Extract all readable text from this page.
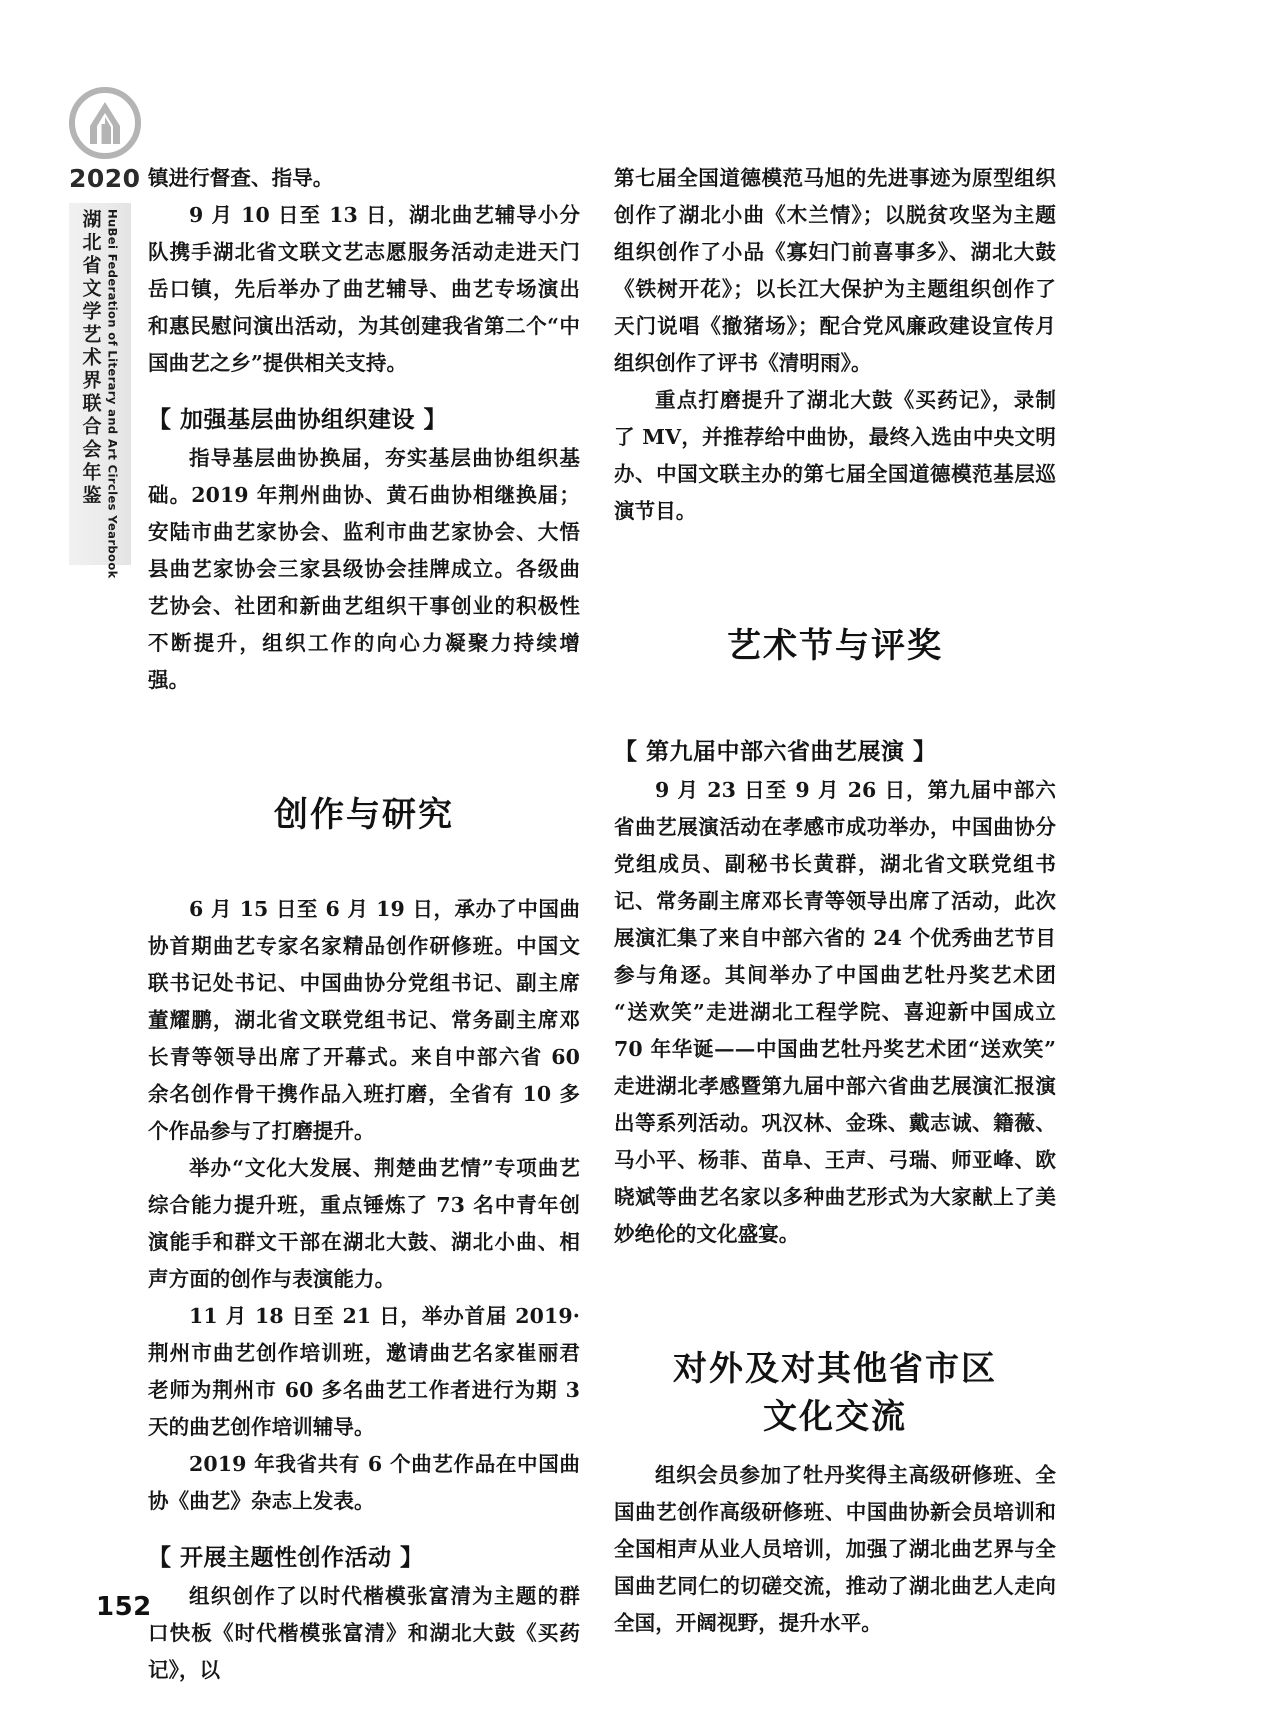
2020
湖北省文学艺术界联合会年鉴 HuBei Federation of Literary and Art Circles Yearbook

镇进行督查、指导。

9 月 10 日至 13 日，湖北曲艺辅导小分队携手湖北省文联文艺志愿服务活动走进天门岳口镇，先后举办了曲艺辅导、曲艺专场演出和惠民慰问演出活动，为其创建我省第二个“中国曲艺之乡”提供相关支持。

【 加强基层曲协组织建设 】

指导基层曲协换届，夯实基层曲协组织基础。2019 年荆州曲协、黄石曲协相继换届；安陆市曲艺家协会、监利市曲艺家协会、大悟县曲艺家协会三家县级协会挂牌成立。各级曲艺协会、社团和新曲艺组织干事创业的积极性不断提升，组织工作的向心力凝聚力持续增强。

创作与研究

6 月 15 日至 6 月 19 日，承办了中国曲协首期曲艺专家名家精品创作研修班。中国文联书记处书记、中国曲协分党组书记、副主席董耀鹏，湖北省文联党组书记、常务副主席邓长青等领导出席了开幕式。来自中部六省 60 余名创作骨干携作品入班打磨，全省有 10 多个作品参与了打磨提升。

举办“文化大发展、荆楚曲艺情”专项曲艺综合能力提升班，重点锤炼了 73 名中青年创演能手和群文干部在湖北大鼓、湖北小曲、相声方面的创作与表演能力。

11 月 18 日至 21 日，举办首届 2019·荆州市曲艺创作培训班，邀请曲艺名家崔丽君老师为荆州市 60 多名曲艺工作者进行为期 3 天的曲艺创作培训辅导。

2019 年我省共有 6 个曲艺作品在中国曲协《曲艺》杂志上发表。

【 开展主题性创作活动 】

组织创作了以时代楷模张富清为主题的群口快板《时代楷模张富清》和湖北大鼓《买药记》，以

第七届全国道德模范马旭的先进事迹为原型组织创作了湖北小曲《木兰情》；以脱贫攻坚为主题组织创作了小品《寡妇门前喜事多》、湖北大鼓《铁树开花》；以长江大保护为主题组织创作了天门说唱《撤猪场》；配合党风廉政建设宣传月组织创作了评书《清明雨》。

重点打磨提升了湖北大鼓《买药记》，录制了 MV，并推荐给中曲协，最终入选由中央文明办、中国文联主办的第七届全国道德模范基层巡演节目。

艺术节与评奖
【 第九届中部六省曲艺展演 】

9 月 23 日至 9 月 26 日，第九届中部六省曲艺展演活动在孝感市成功举办，中国曲协分党组成员、副秘书长黄群，湖北省文联党组书记、常务副主席邓长青等领导出席了活动，此次展演汇集了来自中部六省的 24 个优秀曲艺节目参与角逐。其间举办了中国曲艺牡丹奖艺术团“送欢笑”走进湖北工程学院、喜迎新中国成立 70 年华诞——中国曲艺牡丹奖艺术团“送欢笑”走进湖北孝感暨第九届中部六省曲艺展演汇报演出等系列活动。巩汉林、金珠、戴志诚、籍薇、马小平、杨菲、苗阜、王声、弓瑞、师亚峰、欧晓斌等曲艺名家以多种曲艺形式为大家献上了美妙绝伦的文化盛宴。

对外及对其他省市区
文化交流

组织会员参加了牡丹奖得主高级研修班、全国曲艺创作高级研修班、中国曲协新会员培训和全国相声从业人员培训，加强了湖北曲艺界与全国曲艺同仁的切磋交流，推动了湖北曲艺人走向全国，开阔视野，提升水平。

152
